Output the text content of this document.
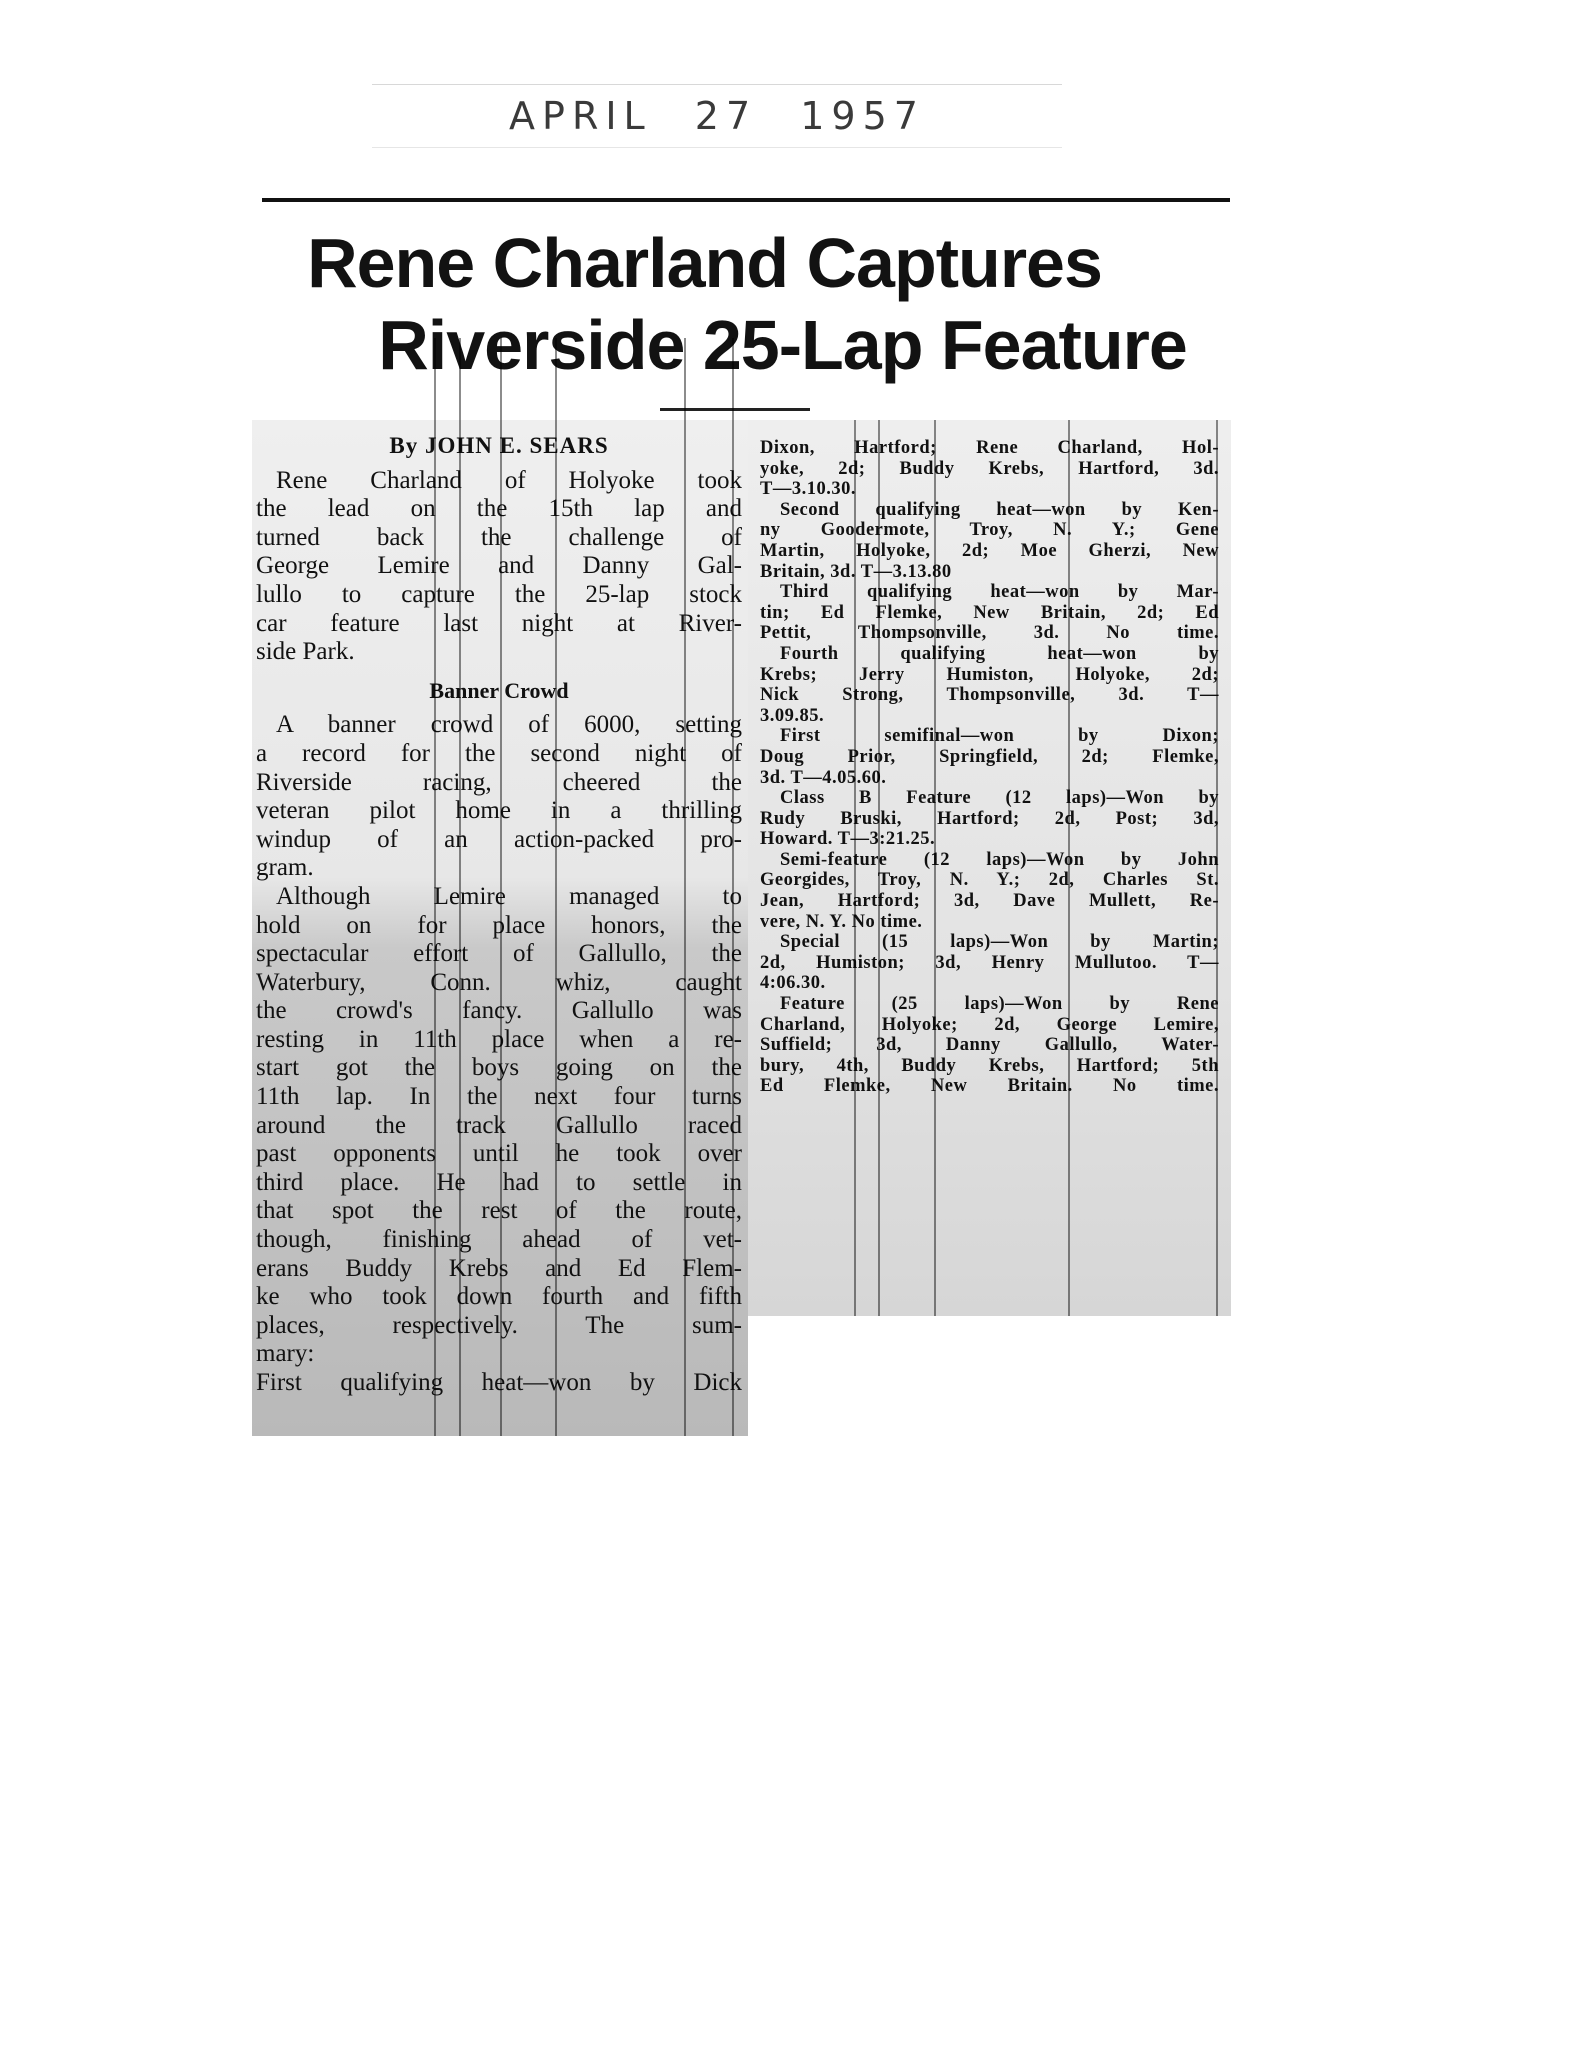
APRIL 27 1957
Rene Charland Captures
Riverside 25-Lap Feature
By JOHN E. SEARS
Rene Charland of Holyoke took
the lead on the 15th lap and
turned back the challenge of
George Lemire and Danny Gal-
lullo to capture the 25-lap stock
car feature last night at River-
side Park.
Banner Crowd
A banner crowd of 6000, setting
a record for the second night of
Riverside racing, cheered the
veteran pilot home in a thrilling
windup of an action-packed pro-
gram.
Although Lemire managed to
hold on for place honors, the
spectacular effort of Gallullo, the
Waterbury, Conn. whiz, caught
the crowd's fancy. Gallullo was
resting in 11th place when a re-
start got the boys going on the
11th lap. In the next four turns
around the track Gallullo raced
past opponents until he took over
third place. He had to settle in
that spot the rest of the route,
though, finishing ahead of vet-
erans Buddy Krebs and Ed Flem-
ke who took down fourth and fifth
places, respectively. The sum-
mary:
First qualifying heat—won by Dick
Dixon, Hartford; Rene Charland, Hol-
yoke, 2d; Buddy Krebs, Hartford, 3d.
T—3.10.30.
Second qualifying heat—won by Ken-
ny Goodermote, Troy, N. Y.; Gene
Martin, Holyoke, 2d; Moe Gherzi, New
Britain, 3d. T—3.13.80
Third qualifying heat—won by Mar-
tin; Ed Flemke, New Britain, 2d; Ed
Pettit, Thompsonville, 3d. No time.
Fourth qualifying heat—won by
Krebs; Jerry Humiston, Holyoke, 2d;
Nick Strong, Thompsonville, 3d. T—
3.09.85.
First semifinal—won by Dixon;
Doug Prior, Springfield, 2d; Flemke,
3d. T—4.05.60.
Class B Feature (12 laps)—Won by
Rudy Bruski, Hartford; 2d, Post; 3d,
Howard. T—3:21.25.
Semi-feature (12 laps)—Won by John
Georgides, Troy, N. Y.; 2d, Charles St.
Jean, Hartford; 3d, Dave Mullett, Re-
vere, N. Y. No time.
Special (15 laps)—Won by Martin;
2d, Humiston; 3d, Henry Mullutoo. T—
4:06.30.
Feature (25 laps)—Won by Rene
Charland, Holyoke; 2d, George Lemire,
Suffield; 3d, Danny Gallullo, Water-
bury, 4th, Buddy Krebs, Hartford; 5th
Ed Flemke, New Britain. No time.
